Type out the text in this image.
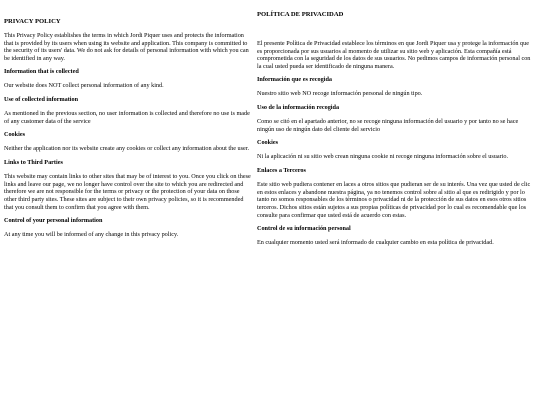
PRIVACY POLICY

This Privacy Policy establishes the terms in which Jordi Piquer uses and protects the information that is provided by its users when using its website and application. This company is committed to the security of its users' data. We do not ask for details of personal information with which you can be identified in any way.

Information that is collected

Our website does NOT collect personal information of any kind.

Use of collected information

As mentioned in the previous section, no user information is collected and therefore no use is made of any customer data of the service

Cookies

Neither the application nor its website create any cookies or collect any information about the user.

Links to Third Parties

This website may contain links to other sites that may be of interest to you. Once you click on these links and leave our page, we no longer have control over the site to which you are redirected and therefore we are not responsible for the terms or privacy or the protection of your data on those other third party sites. These sites are subject to their own privacy policies, so it is recommended that you consult them to confirm that you agree with them.

Control of your personal information

At any time you will be informed of any change in this privacy policy.

POLÍTICA DE PRIVACIDAD

El presente Política de Privacidad establece los términos en que Jordi Piquer usa y protege la información que es proporcionada por sus usuarios al momento de utilizar su sitio web y aplicación. Esta compañía está comprometida con la seguridad de los datos de sus usuarios. No pedimos campos de información personal con la cual usted pueda ser identificado de ninguna manera.

Información que es recogida

Nuestro sitio web NO recoge información personal de ningún tipo.

Uso de la información recogida

Como se citó en el apartado anterior, no se recoge ninguna información del usuario y por tanto no se hace ningún uso de ningún dato del cliente del servicio

Cookies

Ni la aplicación ni su sitio web crean ninguna cookie ni recoge ninguna información sobre el usuario.

Enlaces a Terceros

Este sitio web pudiera contener en laces a otros sitios que pudieran ser de su interés. Una vez que usted de clic en estos enlaces y abandone nuestra página, ya no tenemos control sobre al sitio al que es redirigido y por lo tanto no somos responsables de los términos o privacidad ni de la protección de sus datos en esos otros sitios terceros. Dichos sitios están sujetos a sus propias políticas de privacidad por lo cual es recomendable que los consulte para confirmar que usted está de acuerdo con estas.

Control de su información personal

En cualquier momento usted será informado de cualquier cambio en esta política de privacidad.
